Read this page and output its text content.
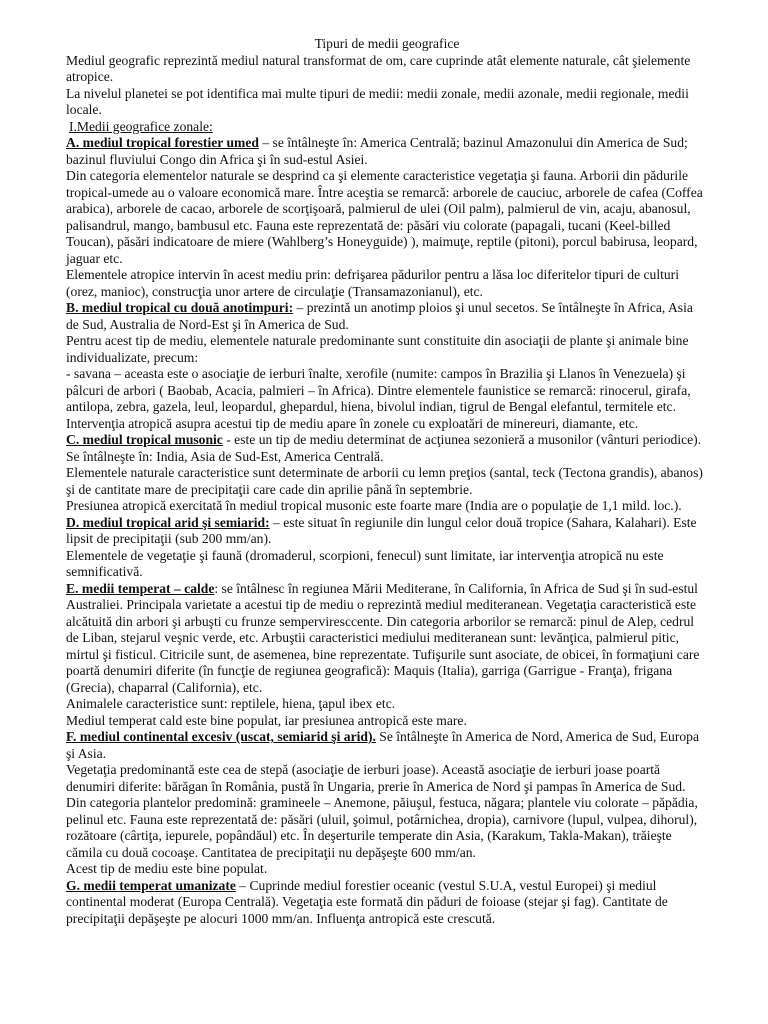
Tipuri de medii geografice

Mediul geografic reprezintă mediul natural transformat de om, care cuprinde atât elemente naturale, cât şielemente atropice.

La nivelul planetei se pot identifica mai multe tipuri de medii: medii zonale, medii azonale, medii regionale, medii locale.

I.Medii geografice zonale:

A. mediul tropical forestier umed – se întâlneşte în: America Centrală; bazinul Amazonului din America de Sud; bazinul fluviului Congo din Africa şi în sud-estul Asiei.

Din categoria elementelor naturale se desprind ca şi elemente caracteristice vegetaţia şi fauna. Arborii din pădurile tropical-umede au o valoare economică mare. Între aceştia se remarcă: arborele de cauciuc, arborele de cafea (Coffea arabica), arborele de cacao, arborele de scorţişoară, palmierul de ulei (Oil palm), palmierul de vin, acaju, abanosul, palisandrul, mango, bambusul etc. Fauna este reprezentată de: păsări viu colorate (papagali, tucani (Keel-billed Toucan), păsări indicatoare de miere (Wahlberg’s Honeyguide) ), maimuţe, reptile (pitoni), porcul babirusa, leopard, jaguar etc.

Elementele atropice intervin în acest mediu prin: defrişarea pădurilor pentru a lăsa loc diferitelor tipuri de culturi (orez, manioc), construcţia unor artere de circulaţie (Transamazonianul), etc.

B. mediul tropical cu două anotimpuri: – prezintă un anotimp ploios şi unul secetos. Se întâlneşte în Africa, Asia de Sud, Australia de Nord-Est şi în America de Sud.

Pentru acest tip de mediu, elementele naturale predominante sunt constituite din asociaţii de plante şi animale bine individualizate, precum:

- savana – aceasta este o asociaţie de ierburi înalte, xerofile (numite: campos în Brazilia şi Llanos în Venezuela) şi pâlcuri de arbori ( Baobab, Acacia, palmieri – în Africa). Dintre elementele faunistice se remarcă: rinocerul, girafa, antilopa, zebra, gazela, leul, leopardul, ghepardul, hiena, bivolul indian, tigrul de Bengal elefantul, termitele etc.

Intervenţia atropică asupra acestui tip de mediu apare în zonele cu exploatări de minereuri, diamante, etc.

C. mediul tropical musonic - este un tip de mediu determinat de acţiunea sezonieră a musonilor (vânturi periodice). Se întâlneşte în: India, Asia de Sud-Est, America Centrală.

Elementele naturale caracteristice sunt determinate de arborii cu lemn preţios (santal, teck (Tectona grandis), abanos) şi de cantitate mare de precipitaţii care cade din aprilie până în septembrie.

Presiunea atropică exercitată în mediul tropical musonic este foarte mare (India are o populaţie de 1,1 mild. loc.).

D. mediul tropical arid şi semiarid: – este situat în regiunile din lungul celor două tropice (Sahara, Kalahari). Este lipsit de precipitaţii (sub 200 mm/an).

Elementele de vegetaţie şi faună (dromaderul, scorpioni, fenecul) sunt limitate, iar intervenţia atropică nu este semnificativă.

E. medii temperat – calde: se întâlnesc în regiunea Mării Mediterane, în California, în Africa de Sud şi în sud-estul Australiei. Principala varietate a acestui tip de mediu o reprezintă mediul mediteranean. Vegetaţia caracteristică este alcătuită din arbori şi arbuşti cu frunze semperviresccente. Din categoria arborilor se remarcă: pinul de Alep, cedrul de Liban, stejarul veşnic verde, etc. Arbuştii caracteristici mediului mediteranean sunt: levănţica, palmierul pitic, mirtul şi fisticul. Citricile sunt, de asemenea, bine reprezentate. Tufişurile sunt asociate, de obicei, în formaţiuni care poartă denumiri diferite (în funcţie de regiunea geografică): Maquis (Italia), garriga (Garrigue - Franţa), frigana (Grecia), chaparral (California), etc.

Animalele caracteristice sunt: reptilele, hiena, ţapul ibex etc.

Mediul temperat cald este bine populat, iar presiunea antropică este mare.

F. mediul continental excesiv (uscat, semiarid şi arid). Se întâlneşte în America de Nord, America de Sud, Europa şi Asia.

Vegetaţia predominantă este cea de stepă (asociaţie de ierburi joase). Această asociaţie de ierburi joase poartă denumiri diferite: bărăgan în România, pustă în Ungaria, prerie în America de Nord şi pampas în America de Sud. Din categoria plantelor predomină: gramineele – Anemone, păiuşul, festuca, năgara; plantele viu colorate – păpădia, pelinul etc. Fauna este reprezentată de: păsări (uluil, şoimul, potârnichea, dropia), carnivore (lupul, vulpea, dihorul), rozătoare (cârtiţa, iepurele, popândăul) etc. În deşerturile temperate din Asia, (Karakum, Takla-Makan), trăieşte cămila cu două cocoaşe. Cantitatea de precipitaţii nu depăşeşte 600 mm/an.

Acest tip de mediu este bine populat.

G. medii temperat umanizate – Cuprinde mediul forestier oceanic (vestul S.U.A, vestul Europei) şi mediul continental moderat (Europa Centrală). Vegetaţia este formată din păduri de foioase (stejar şi fag). Cantitate de precipitaţii depăşeşte pe alocuri 1000 mm/an. Influenţa antropică este crescută.
